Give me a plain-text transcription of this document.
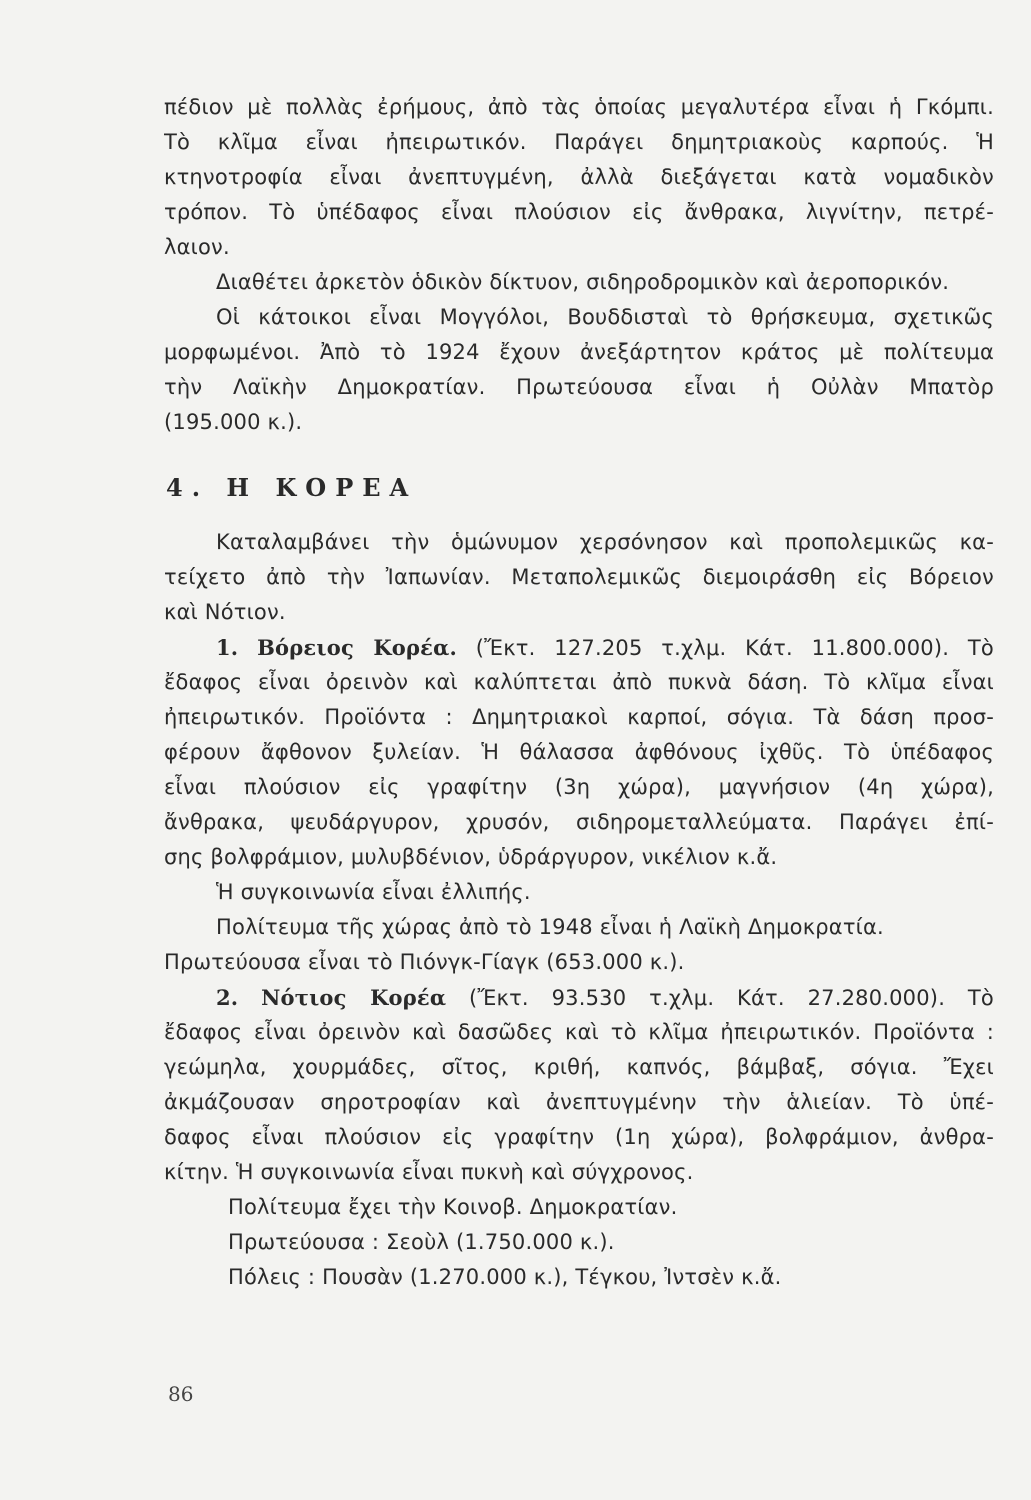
πέδιον μὲ πολλὰς ἐρήμους, ἀπὸ τὰς ὁποίας μεγαλυτέρα εἶναι ἡ Γκόμπι.
Τὸ κλῖμα εἶναι ἠπειρωτικόν. Παράγει δημητριακοὺς καρπούς. Ἡ
κτηνοτροφία εἶναι ἀνεπτυγμένη, ἀλλὰ διεξάγεται κατὰ νομαδικὸν
τρόπον. Τὸ ὑπέδαφος εἶναι πλούσιον εἰς ἄνθρακα, λιγνίτην, πετρέ-
λαιον.
Διαθέτει ἀρκετὸν ὁδικὸν δίκτυον, σιδηροδρομικὸν καὶ ἀεροπορικόν.
Οἱ κάτοικοι εἶναι Μογγόλοι, Βουδδισταὶ τὸ θρήσκευμα, σχετικῶς
μορφωμένοι. Ἀπὸ τὸ 1924 ἔχουν ἀνεξάρτητον κράτος μὲ πολίτευμα
τὴν Λαϊκὴν Δημοκρατίαν. Πρωτεύουσα εἶναι ἡ Οὐλὰν Μπατὸρ
(195.000 κ.).
4. Η ΚΟΡΕΑ
Καταλαμβάνει τὴν ὁμώνυμον χερσόνησον καὶ προπολεμικῶς κα-
τείχετο ἀπὸ τὴν Ἰαπωνίαν. Μεταπολεμικῶς διεμοιράσθη εἰς Βόρειον
καὶ Νότιον.
1. Βόρειος Κορέα. (Ἔκτ. 127.205 τ.χλμ. Κάτ. 11.800.000). Τὸ
ἔδαφος εἶναι ὀρεινὸν καὶ καλύπτεται ἀπὸ πυκνὰ δάση. Τὸ κλῖμα εἶναι
ἠπειρωτικόν. Προϊόντα : Δημητριακοὶ καρποί, σόγια. Τὰ δάση προσ-
φέρουν ἄφθονον ξυλείαν. Ἡ θάλασσα ἀφθόνους ἰχθῦς. Τὸ ὑπέδαφος
εἶναι πλούσιον εἰς γραφίτην (3η χώρα), μαγνήσιον (4η χώρα),
ἄνθρακα, ψευδάργυρον, χρυσόν, σιδηρομεταλλεύματα. Παράγει ἐπί-
σης βολφράμιον, μυλυβδένιον, ὑδράργυρον, νικέλιον κ.ἄ.
Ἡ συγκοινωνία εἶναι ἐλλιπής.
Πολίτευμα τῆς χώρας ἀπὸ τὸ 1948 εἶναι ἡ Λαϊκὴ Δημοκρατία.
Πρωτεύουσα εἶναι τὸ Πιόνγκ-Γίαγκ (653.000 κ.).
2. Νότιος Κορέα (Ἔκτ. 93.530 τ.χλμ. Κάτ. 27.280.000). Τὸ
ἔδαφος εἶναι ὀρεινὸν καὶ δασῶδες καὶ τὸ κλῖμα ἠπειρωτικόν. Προϊόντα :
γεώμηλα, χουρμάδες, σῖτος, κριθή, καπνός, βάμβαξ, σόγια. Ἔχει
ἀκμάζουσαν σηροτροφίαν καὶ ἀνεπτυγμένην τὴν ἁλιείαν. Τὸ ὑπέ-
δαφος εἶναι πλούσιον εἰς γραφίτην (1η χώρα), βολφράμιον, ἀνθρα-
κίτην. Ἡ συγκοινωνία εἶναι πυκνὴ καὶ σύγχρονος.
Πολίτευμα ἔχει τὴν Κοινοβ. Δημοκρατίαν.
Πρωτεύουσα : Σεοὺλ (1.750.000 κ.).
Πόλεις : Πουσὰν (1.270.000 κ.), Τέγκου, Ἰντσὲν κ.ἄ.
86
